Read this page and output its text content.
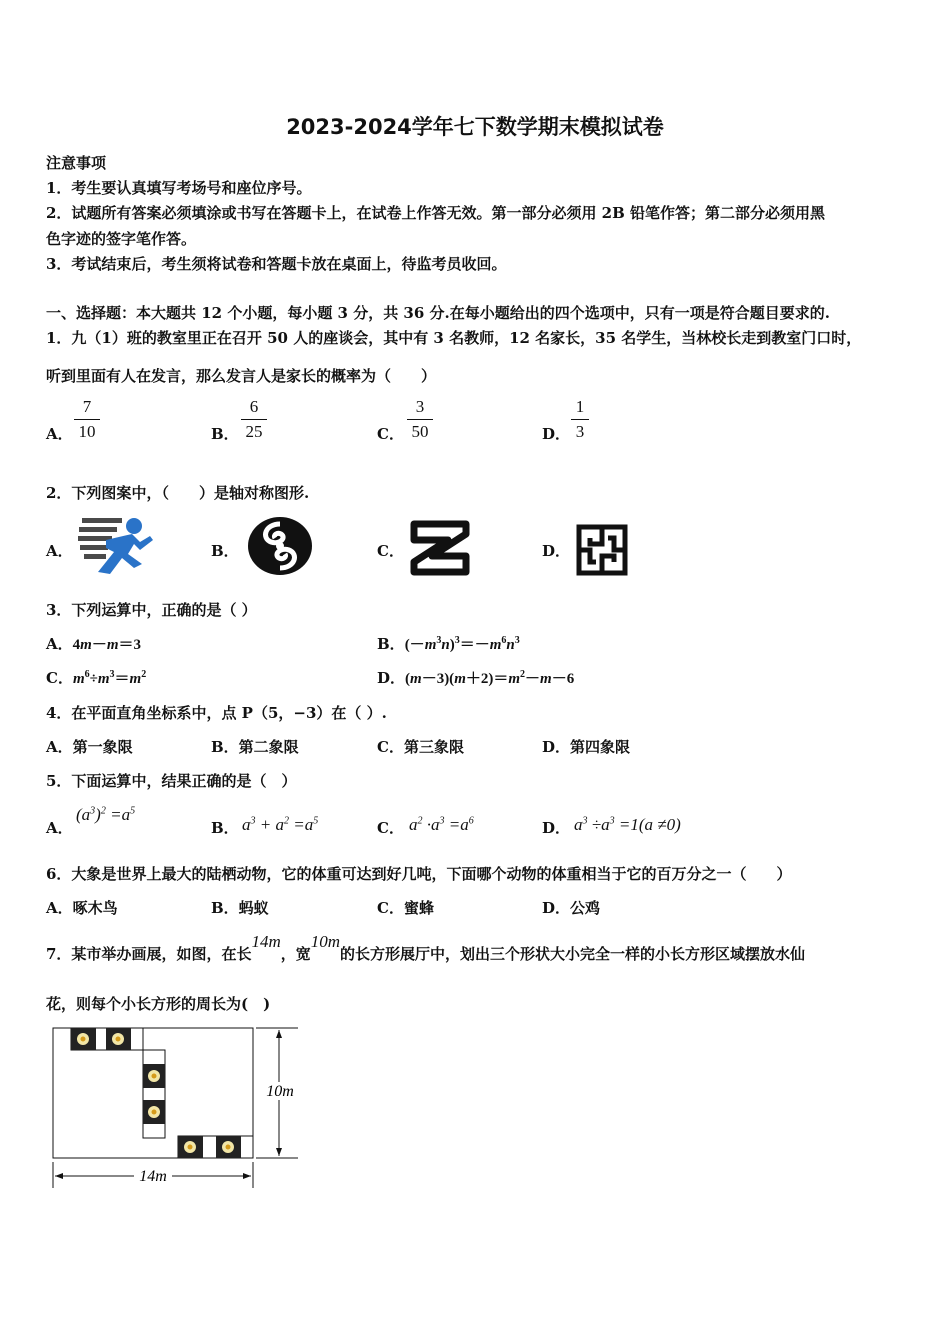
2023-2024学年七下数学期末模拟试卷
注意事项
1．考生要认真填写考场号和座位序号。
2．试题所有答案必须填涂或书写在答题卡上，在试卷上作答无效。第一部分必须用 2B 铅笔作答；第二部分必须用黑
色字迹的签字笔作答。
3．考试结束后，考生须将试卷和答题卡放在桌面上，待监考员收回。
一、选择题：本大题共 12 个小题，每小题 3 分，共 36 分.在每小题给出的四个选项中，只有一项是符合题目要求的.
1．九（1）班的教室里正在召开 50 人的座谈会，其中有 3 名教师，12 名家长，35 名学生，当林校长走到教室门口时，
听到里面有人在发言，那么发言人是家长的概率为（　　）
A．
7
10	B．
6
25	C．
3
50	D．
1
3
2．下列图案中，（　　）是轴对称图形.
A．	B．	C．	D．
3．下列运算中，正确的是（ ）
A．4m－m＝3	B．$(-m^3n)^3=-m^6n^3$
C．$m^6\div m^3=m^2$	D．$(m-3)(m+2)=m^2-m-6$
4．在平面直角坐标系中，点 P（5，−3）在（ ）.
A．第一象限	B．第二象限	C．第三象限	D．第四象限
5．下面运算中，结果正确的是（　）
A．
$(a^3)^2 =a^5$
B． $a^3 + a^2 =a^5$	C． $a^2 \cdot a^3 =a^6$	D． $a^3 \div a^3 =1(a \ne 0)$
6．大象是世界上最大的陆栖动物，它的体重可达到好几吨，下面哪个动物的体重相当于它的百万分之一（　　）
A．啄木鸟	B．蚂蚁	C．蜜蜂	D．公鸡
7．某市举办画展，如图，在长14m，宽10m的长方形展厅中，划出三个形状大小完全一样的小长方形区域摆放水仙
花，则每个小长方形的周长为(　)
10m
14m
